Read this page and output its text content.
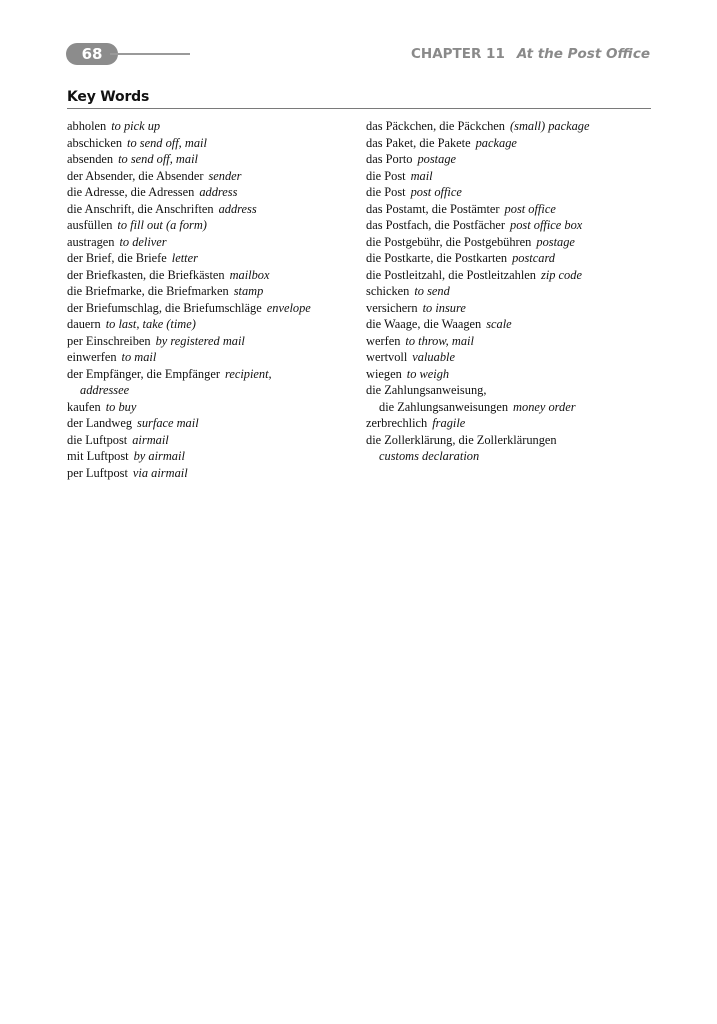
68	CHAPTER 11 At the Post Office
Key Words
abholen to pick up
abschicken to send off, mail
absenden to send off, mail
der Absender, die Absender sender
die Adresse, die Adressen address
die Anschrift, die Anschriften address
ausfüllen to fill out (a form)
austragen to deliver
der Brief, die Briefe letter
der Briefkasten, die Briefkästen mailbox
die Briefmarke, die Briefmarken stamp
der Briefumschlag, die Briefumschläge envelope
dauern to last, take (time)
per Einschreiben by registered mail
einwerfen to mail
der Empfänger, die Empfänger recipient,
addressee
kaufen to buy
der Landweg surface mail
die Luftpost airmail
mit Luftpost by airmail
per Luftpost via airmail
das Päckchen, die Päckchen (small) package
das Paket, die Pakete package
das Porto postage
die Post mail
die Post post office
das Postamt, die Postämter post office
das Postfach, die Postfächer post office box
die Postgebühr, die Postgebühren postage
die Postkarte, die Postkarten postcard
die Postleitzahl, die Postleitzahlen zip code
schicken to send
versichern to insure
die Waage, die Waagen scale
werfen to throw, mail
wertvoll valuable
wiegen to weigh
die Zahlungsanweisung,
die Zahlungsanweisungen money order
zerbrechlich fragile
die Zollerklärung, die Zollerklärungen
customs declaration
